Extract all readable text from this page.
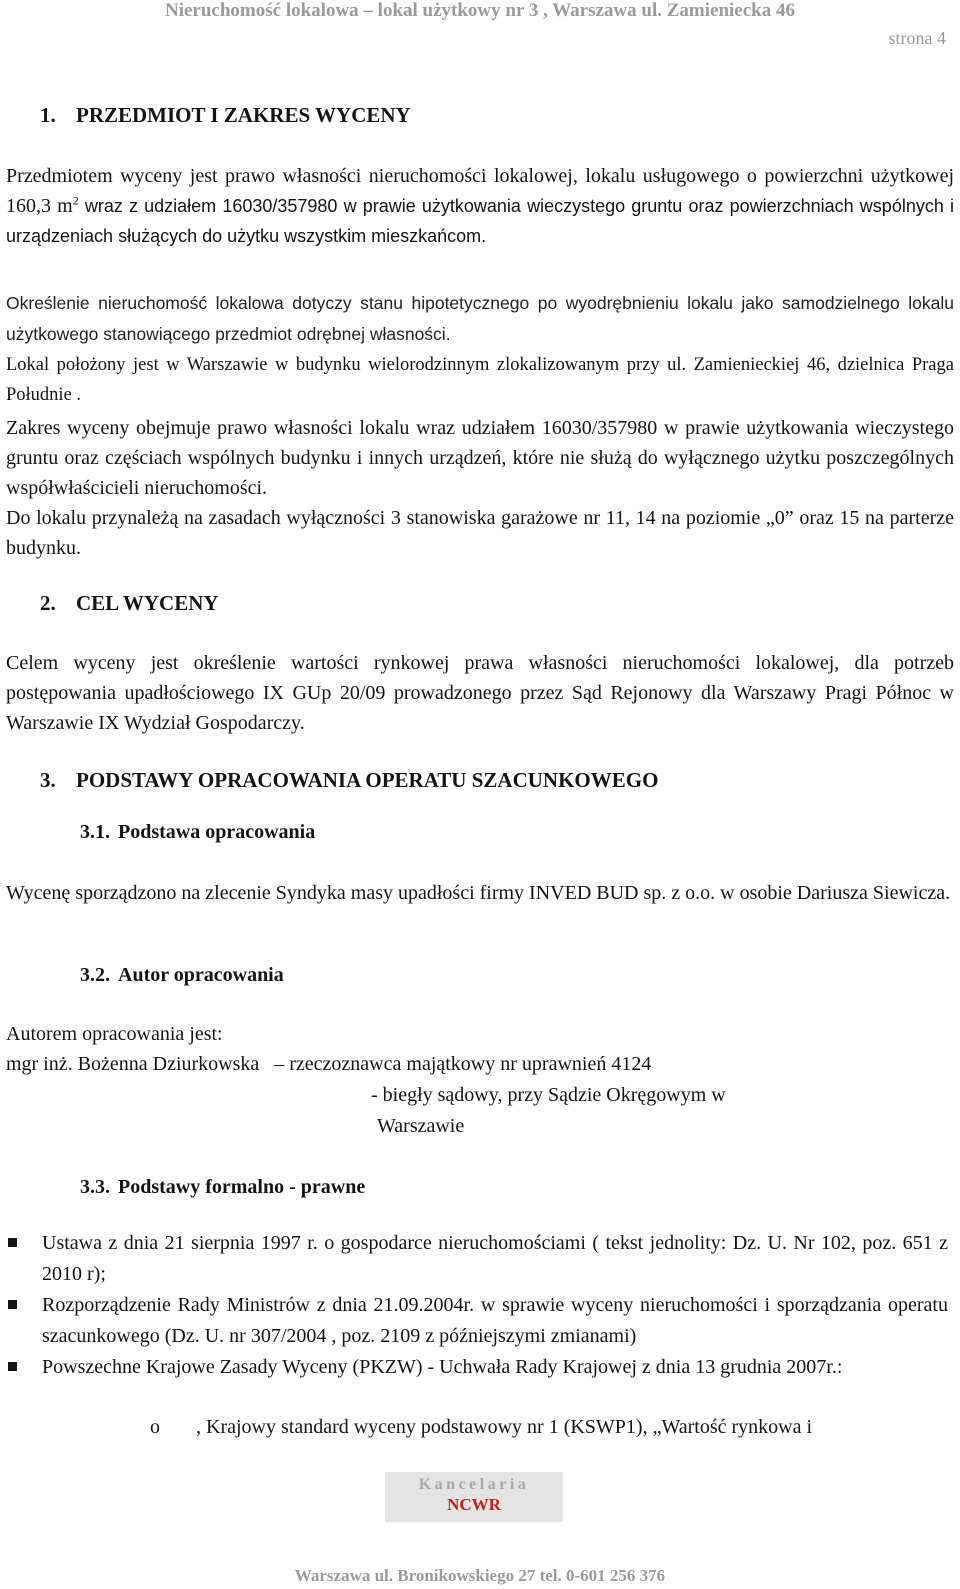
Nieruchomość lokalowa – lokal użytkowy nr 3 , Warszawa ul. Zamieniecka 46
strona 4
1. PRZEDMIOT I ZAKRES WYCENY

Przedmiotem wyceny jest prawo własności nieruchomości lokalowej, lokalu usługowego o powierzchni użytkowej 160,3 $m^2$ wraz z udziałem 16030/357980 w prawie użytkowania wieczystego gruntu oraz powierzchniach wspólnych i urządzeniach służących do użytku wszystkim mieszkańcom.

Określenie nieruchomość lokalowa dotyczy stanu hipotetycznego po wyodrębnieniu lokalu jako samodzielnego lokalu użytkowego stanowiącego przedmiot odrębnej własności.

Lokal położony jest w Warszawie w budynku wielorodzinnym zlokalizowanym przy ul. Zamienieckiej 46, dzielnica Praga Południe .

Zakres wyceny obejmuje prawo własności lokalu wraz udziałem 16030/357980 w prawie użytkowania wieczystego gruntu oraz częściach wspólnych budynku i innych urządzeń, które nie służą do wyłącznego użytku poszczególnych współwłaścicieli nieruchomości.

Do lokalu przynależą na zasadach wyłączności 3 stanowiska garażowe nr 11, 14 na poziomie „0” oraz 15 na parterze budynku.

2. CEL WYCENY

Celem wyceny jest określenie wartości rynkowej prawa własności nieruchomości lokalowej, dla potrzeb postępowania upadłościowego IX GUp 20/09 prowadzonego przez Sąd Rejonowy dla Warszawy Pragi Północ w Warszawie IX Wydział Gospodarczy.

3. PODSTAWY OPRACOWANIA OPERATU SZACUNKOWEGO
3.1. Podstawa opracowania

Wycenę sporządzono na zlecenie Syndyka masy upadłości firmy INVED BUD sp. z o.o. w osobie Dariusza Siewicza.

3.2. Autor opracowania

Autorem opracowania jest:

mgr inż. Bożenna Dziurkowska   – rzeczoznawca majątkowy nr uprawnień 4124

- biegły sądowy, przy Sądzie Okręgowym w

Warszawie

3.3. Podstawy formalno - prawne
Ustawa z dnia 21 sierpnia 1997 r. o gospodarce nieruchomościami ( tekst jednolity: Dz. U. Nr 102, poz. 651 z 2010 r);
Rozporządzenie Rady Ministrów z dnia 21.09.2004r. w sprawie wyceny nieruchomości i sporządzania operatu szacunkowego (Dz. U. nr 307/2004 , poz. 2109 z późniejszymi zmianami)
Powszechne Krajowe Zasady Wyceny (PKZW) - Uchwała Rady Krajowej z dnia 13 grudnia 2007r.:

o	, Krajowy standard wyceny podstawowy nr 1 (KSWP1), „Wartość rynkowa i

Kancelaria
NCWR
Warszawa ul. Bronikowskiego 27 tel. 0-601 256 376
